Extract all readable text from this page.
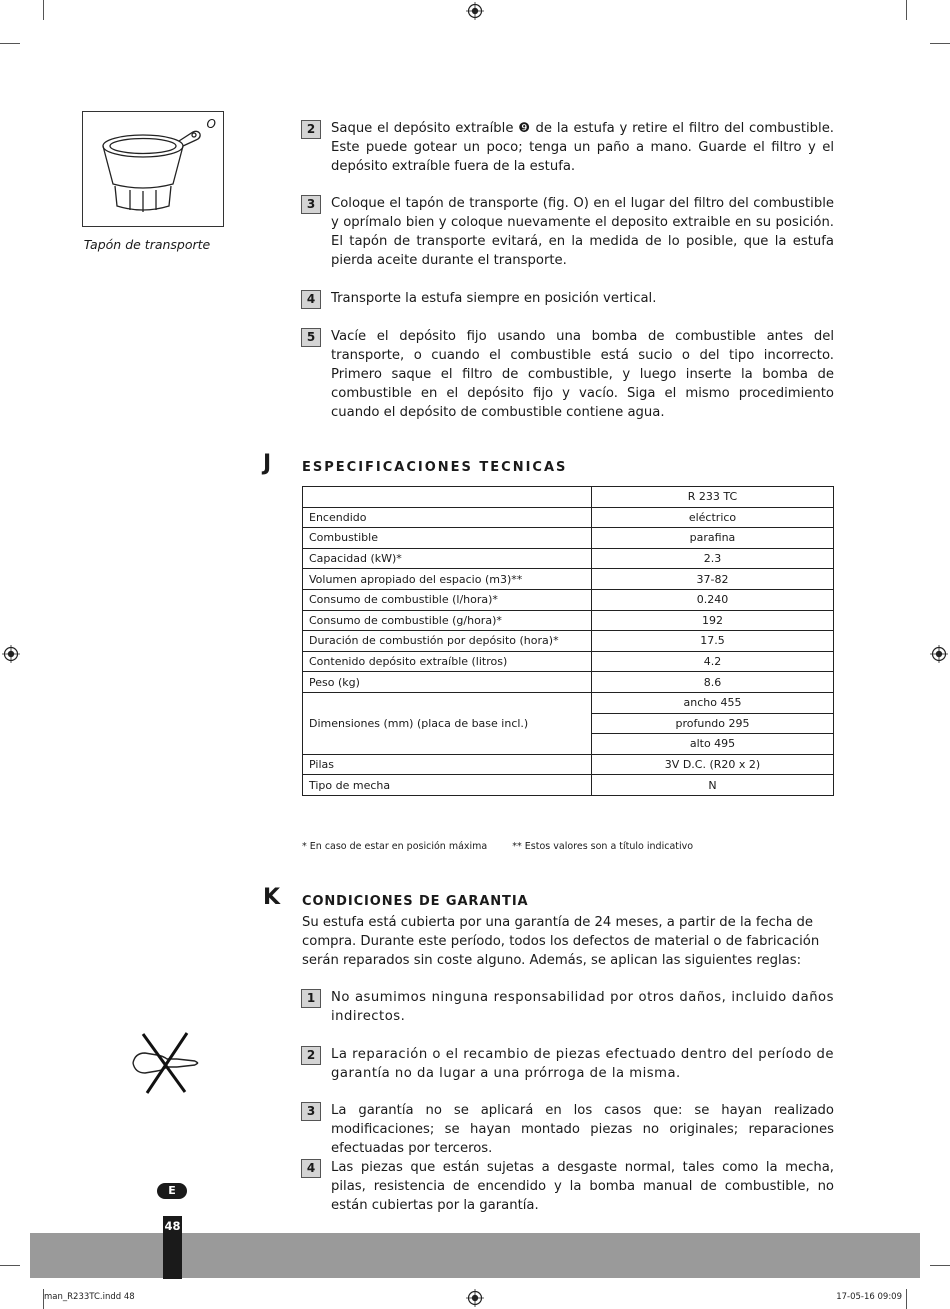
O
Tapón de transporte
2	Saque el depósito extraíble ❾ de la estufa y retire el filtro del combustible. Este puede gotear un poco; tenga un paño a mano. Guarde el filtro y el depósito extraíble fuera de la estufa.

3	Coloque el tapón de transporte (fig. O) en el lugar del filtro del combustible y oprímalo bien y coloque nuevamente el deposito extraible en su posición. El tapón de transporte evitará, en la medida de lo posible, que la estufa pierda aceite durante el transporte.

4	Transporte la estufa siempre en posición vertical.

5	Vacíe el depósito fijo usando una bomba de combustible antes del transporte, o cuando el combustible está sucio o del tipo incorrecto. Primero saque el filtro de combustible, y luego inserte la bomba de combustible en el depósito fijo y vacío. Siga el mismo procedimiento cuando el depósito de combustible contiene agua.

J ESPECIFICACIONES TECNICAS
	R 233 TC
Encendido	eléctrico
Combustible	parafina
Capacidad (kW)*	2.3
Volumen apropiado del espacio (m3)**	37-82
Consumo de combustible (l/hora)*	0.240
Consumo de combustible (g/hora)*	192
Duración de combustión por depósito (hora)*	17.5
Contenido depósito extraíble (litros)	4.2
Peso (kg)	8.6
Dimensiones (mm) (placa de base incl.)	ancho 455
	profundo 295
	alto 495
Pilas	3V D.C. (R20 x 2)
Tipo de mecha	N
* En caso de estar en posición máxima	** Estos valores son a título indicativo
K CONDICIONES DE GARANTIA

Su estufa está cubierta por una garantía de 24 meses, a partir de la fecha de compra. Durante este período, todos los defectos de material o de fabricación serán reparados sin coste alguno. Además, se aplican las siguientes reglas:

1	No asumimos ninguna responsabilidad por otros daños, incluido daños indirectos.

2	La reparación o el recambio de piezas efectuado dentro del período de garantía no da lugar a una prórroga de la misma.

3	La garantía no se aplicará en los casos que: se hayan realizado modificaciones; se hayan montado piezas no originales; reparaciones efectuadas por terceros.

4	Las piezas que están sujetas a desgaste normal, tales como la mecha, pilas, resistencia de encendido y la bomba manual de combustible, no están cubiertas por la garantía.

E
48
man_R233TC.indd 48	17-05-16 09:09
